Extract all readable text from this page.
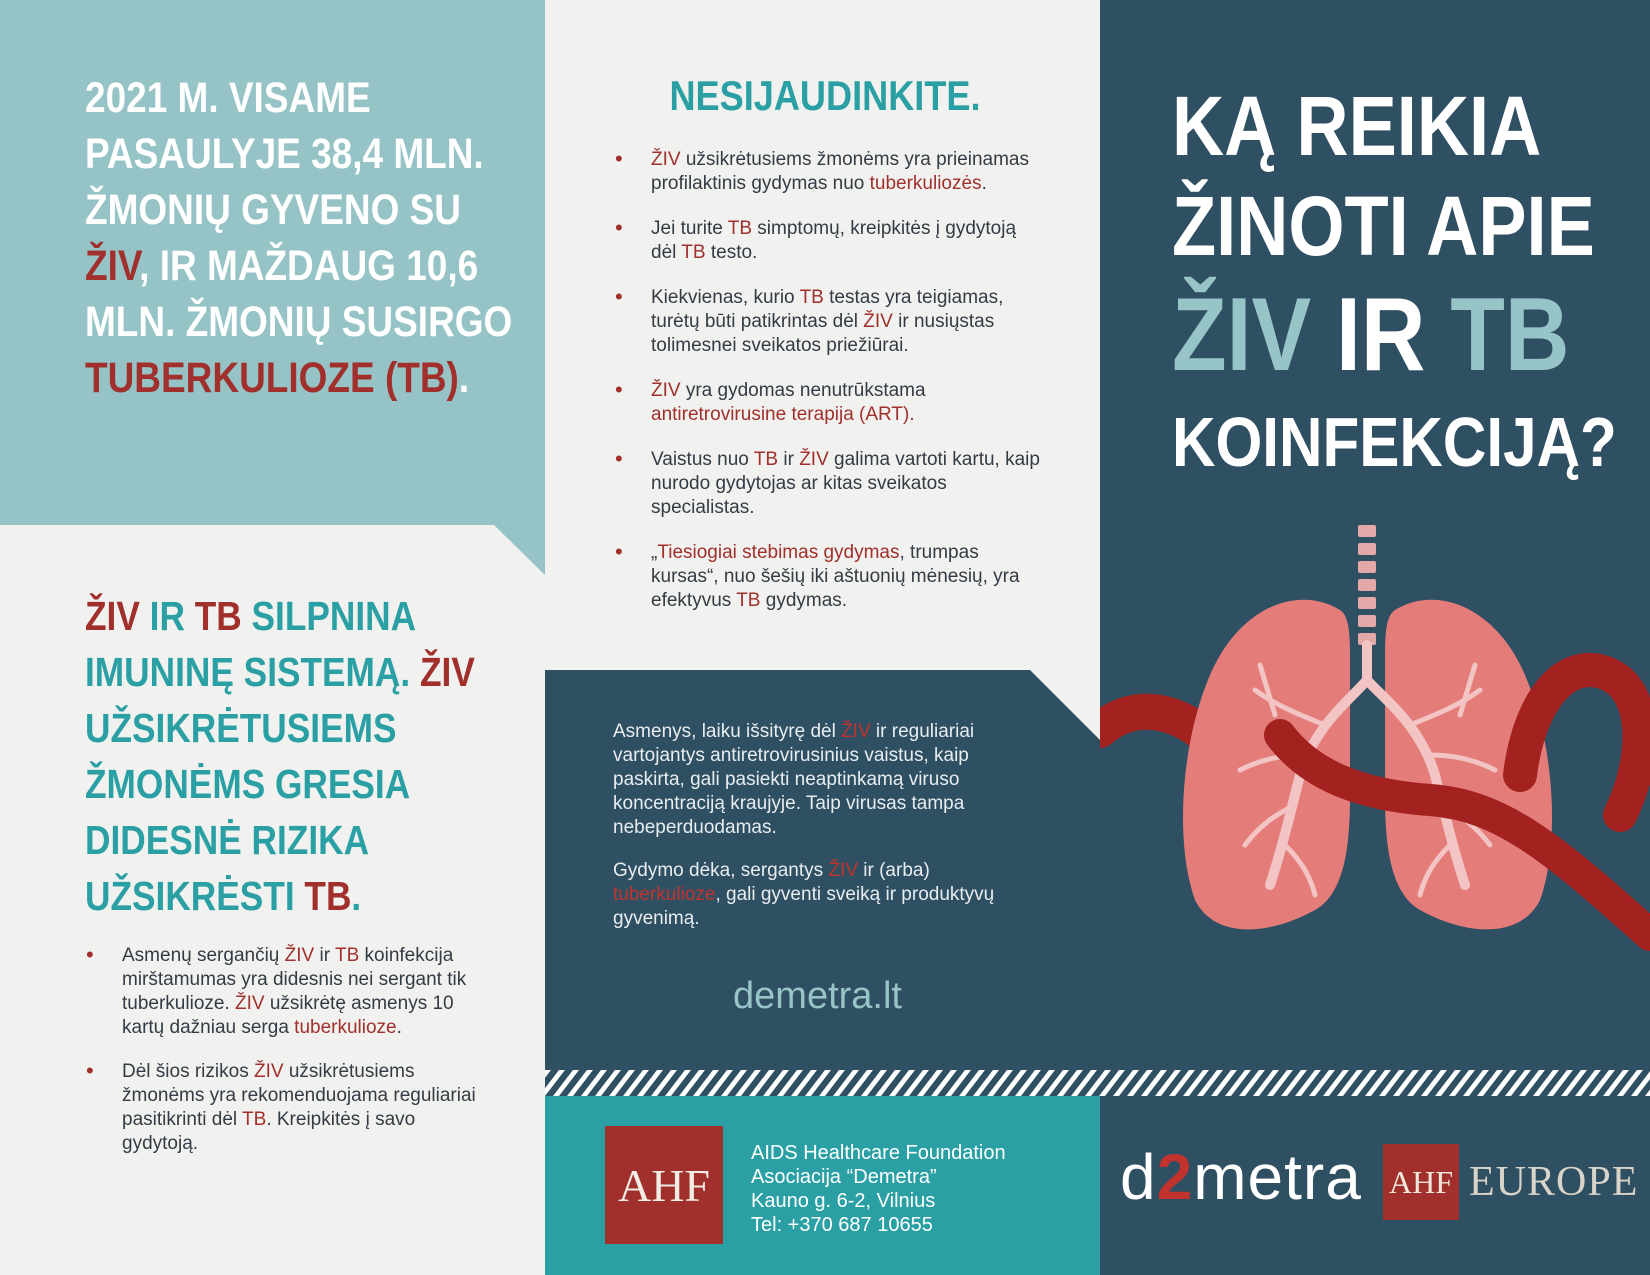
2021 M. VISAME PASAULYJE 38,4 MLN. ŽMONIŲ GYVENO SU ŽIV, IR MAŽDAUG 10,6 MLN. ŽMONIŲ SUSIRGO TUBERKULIOZE (TB).
ŽIV IR TB SILPNINA IMUNINĘ SISTEMĄ. ŽIV UŽSIKRĖTUSIEMS ŽMONĖMS GRESIA DIDESNĖ RIZIKA UŽSIKRĖSTI TB.
• Asmenų sergančių ŽIV ir TB koinfekcija mirštamumas yra didesnis nei sergant tik tuberkulioze. ŽIV užsikrėtę asmenys 10 kartų dažniau serga tuberkulioze.
• Dėl šios rizikos ŽIV užsikrėtusiems žmonėms yra rekomenduojama reguliariai pasitikrinti dėl TB. Kreipkitės į savo gydytoją.
NESIJAUDINKITE.
• ŽIV užsikrėtusiems žmonėms yra prieinamas profilaktinis gydymas nuo tuberkuliozės.
• Jei turite TB simptomų, kreipkitės į gydytoją dėl TB testo.
• Kiekvienas, kurio TB testas yra teigiamas, turėtų būti patikrintas dėl ŽIV ir nusiųstas tolimesnei sveikatos priežiūrai.
• ŽIV yra gydomas nenutrūkstama antiretrovirusine terapija (ART).
• Vaistus nuo TB ir ŽIV galima vartoti kartu, kaip nurodo gydytojas ar kitas sveikatos specialistas.
• „Tiesiogiai stebimas gydymas, trumpas kursas“, nuo šešių iki aštuonių mėnesių, yra efektyvus TB gydymas.
Asmenys, laiku išsityrę dėl ŽIV ir reguliariai vartojantys antiretrovirusinius vaistus, kaip paskirta, gali pasiekti neaptinkamą viruso koncentraciją kraujyje. Taip virusas tampa nebeperduodamas.
Gydymo dėka, sergantys ŽIV ir (arba) tuberkulioze, gali gyventi sveiką ir produktyvų gyvenimą.
demetra.lt
AHF
AIDS Healthcare Foundation
Asociacija “Demetra”
Kauno g. 6-2, Vilnius
Tel: +370 687 10655
KĄ REIKIA
ŽINOTI APIE
ŽIV IR TB
KOINFEKCIJĄ?
d2metra AHF EUROPE
